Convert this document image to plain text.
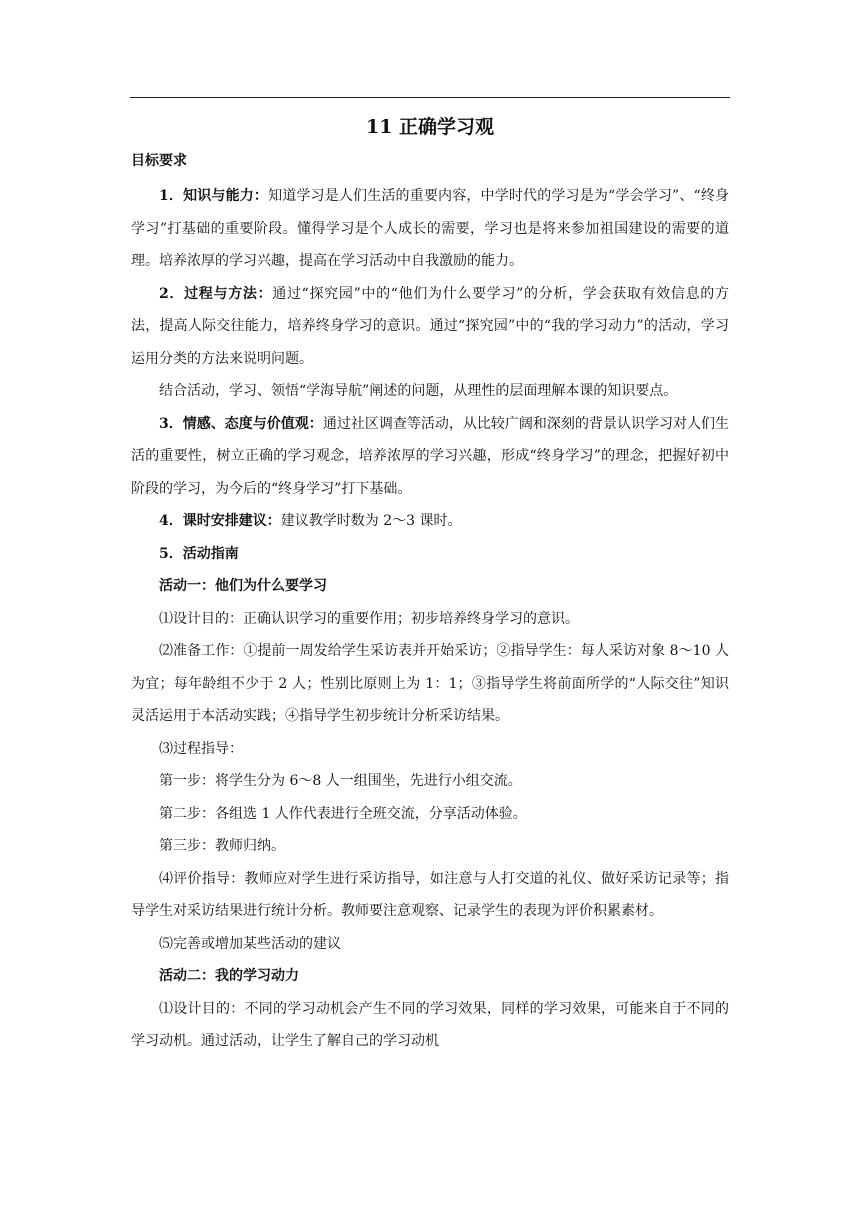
11 正确学习观
目标要求

1．知识与能力：知道学习是人们生活的重要内容，中学时代的学习是为“学会学习”、“终身学习”打基础的重要阶段。懂得学习是个人成长的需要，学习也是将来参加祖国建设的需要的道理。培养浓厚的学习兴趣，提高在学习活动中自我激励的能力。

2．过程与方法：通过“探究园”中的“他们为什么要学习”的分析，学会获取有效信息的方法，提高人际交往能力，培养终身学习的意识。通过“探究园”中的“我的学习动力”的活动，学习运用分类的方法来说明问题。

结合活动，学习、领悟“学海导航”阐述的问题，从理性的层面理解本课的知识要点。

3．情感、态度与价值观：通过社区调查等活动，从比较广阔和深刻的背景认识学习对人们生活的重要性，树立正确的学习观念，培养浓厚的学习兴趣，形成“终身学习”的理念，把握好初中阶段的学习，为今后的“终身学习”打下基础。

4．课时安排建议：建议教学时数为 2～3 课时。

5．活动指南

活动一：他们为什么要学习

⑴设计目的：正确认识学习的重要作用；初步培养终身学习的意识。

⑵准备工作：①提前一周发给学生采访表并开始采访；②指导学生：每人采访对象 8～10 人为宜；每年龄组不少于 2 人；性别比原则上为 1：1；③指导学生将前面所学的“人际交往”知识灵活运用于本活动实践；④指导学生初步统计分析采访结果。

⑶过程指导：

第一步：将学生分为 6～8 人一组围坐，先进行小组交流。

第二步：各组选 1 人作代表进行全班交流，分享活动体验。

第三步：教师归纳。

⑷评价指导：教师应对学生进行采访指导，如注意与人打交道的礼仪、做好采访记录等；指导学生对采访结果进行统计分析。教师要注意观察、记录学生的表现为评价积累素材。

⑸完善或增加某些活动的建议

活动二：我的学习动力

⑴设计目的：不同的学习动机会产生不同的学习效果，同样的学习效果，可能来自于不同的学习动机。通过活动，让学生了解自己的学习动机
